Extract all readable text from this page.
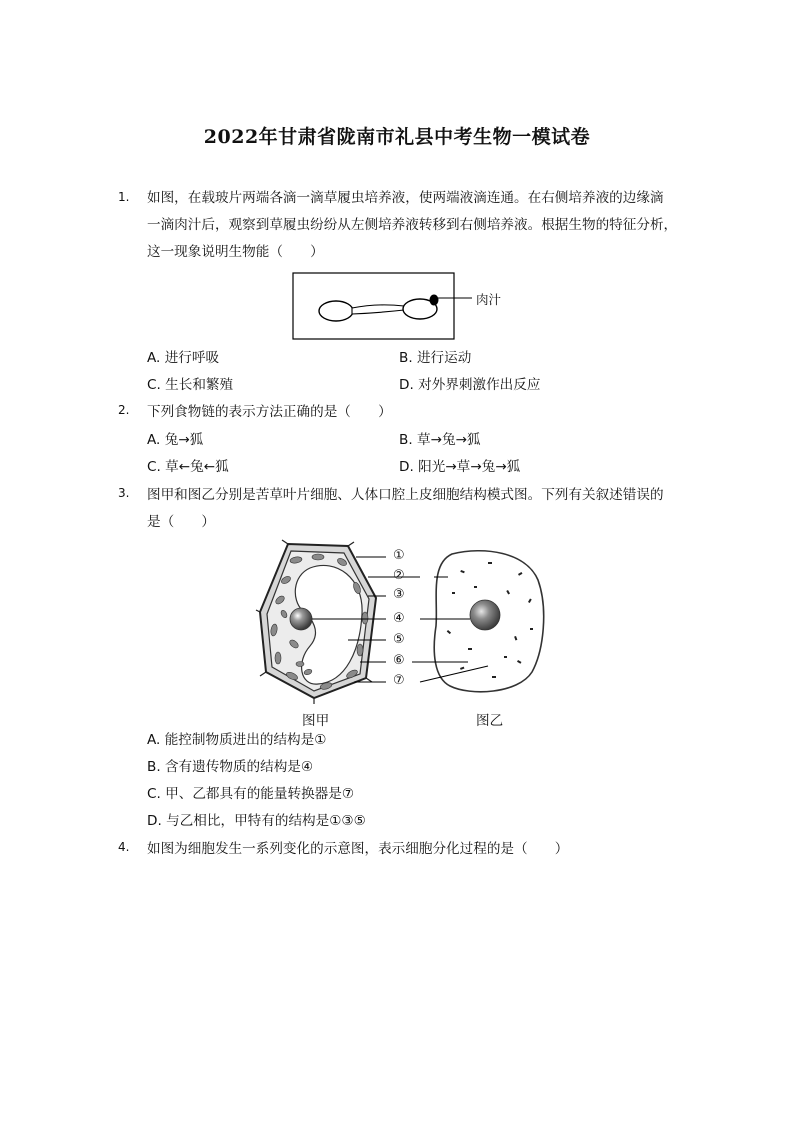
2022年甘肃省陇南市礼县中考生物一模试卷
1. 如图，在载玻片两端各滴一滴草履虫培养液，使两端液滴连通。在右侧培养液的边缘滴
一滴肉汁后，观察到草履虫纷纷从左侧培养液转移到右侧培养液。根据生物的特征分析，
这一现象说明生物能（　　）
肉汁
A. 进行呼吸	B. 进行运动
C. 生长和繁殖	D. 对外界刺激作出反应
2. 下列食物链的表示方法正确的是（　　）
A. 兔→狐	B. 草→兔→狐
C. 草←兔←狐	D. 阳光→草→兔→狐
3. 图甲和图乙分别是苦草叶片细胞、人体口腔上皮细胞结构模式图。下列有关叙述错误的
是（　　）
①
②
③
④
⑤
⑥
⑦
图甲	图乙
A. 能控制物质进出的结构是①
B. 含有遗传物质的结构是④
C. 甲、乙都具有的能量转换器是⑦
D. 与乙相比，甲特有的结构是①③⑤
4. 如图为细胞发生一系列变化的示意图，表示细胞分化过程的是（　　）
